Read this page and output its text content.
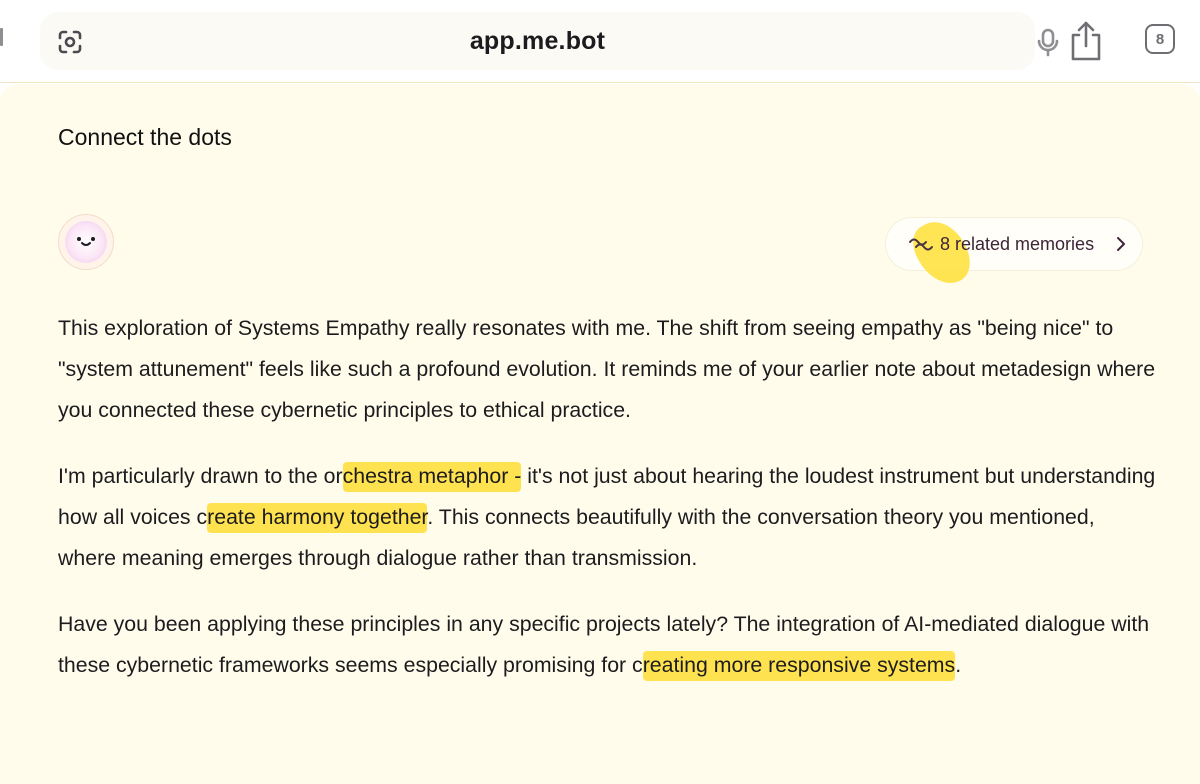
app.me.bot	8
Connect the dots
8 related memories

This exploration of Systems Empathy really resonates with me. The shift from seeing empathy as "being nice" to "system attunement" feels like such a profound evolution. It reminds me of your earlier note about metadesign where you connected these cybernetic principles to ethical practice.

I'm particularly drawn to the orchestra metaphor - it's not just about hearing the loudest instrument but understanding how all voices create harmony together. This connects beautifully with the conversation theory you mentioned, where meaning emerges through dialogue rather than transmission.

Have you been applying these principles in any specific projects lately? The integration of AI-mediated dialogue with these cybernetic frameworks seems especially promising for creating more responsive systems.
